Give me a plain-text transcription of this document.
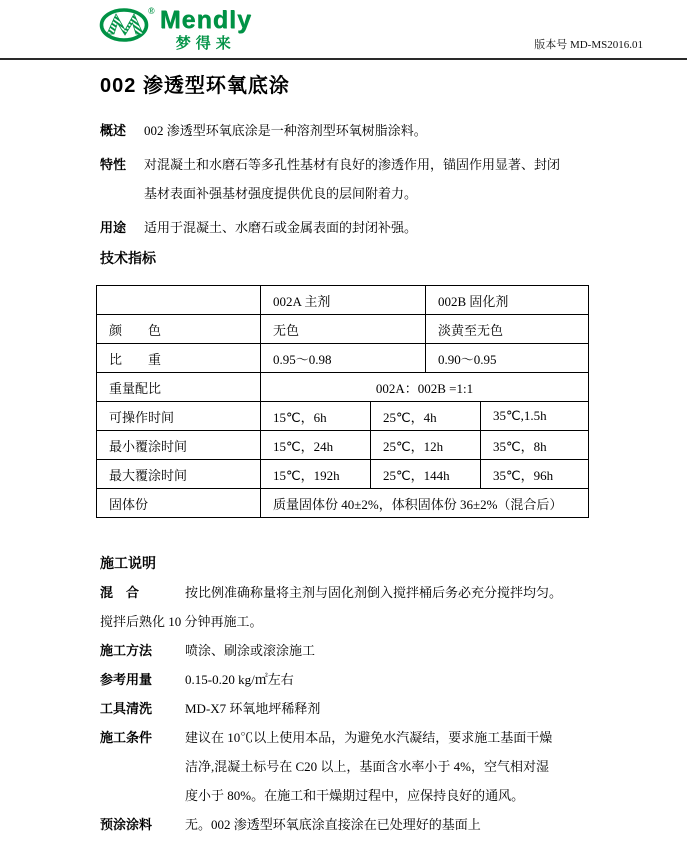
® Mendly
梦得来	版本号 MD-MS2016.01
002 渗透型环氧底涂
概述	002 渗透型环氧底涂是一种溶剂型环氧树脂涂料。
特性	对混凝土和水磨石等多孔性基材有良好的渗透作用，锚固作用显著、封闭基材表面补强基材强度提供优良的层间附着力。
用途	适用于混凝土、水磨石或金属表面的封闭补强。
技术指标
	002A 主剂		002B 固化剂	
颜　　色	无色		淡黄至无色	
比　　重	0.95～0.98		0.90～0.95	
重量配比	002A：002B =1:1			
可操作时间	15℃，6h	25℃，4h		35℃,1.5h
最小覆涂时间	15℃，24h	25℃，12h		35℃，8h
最大覆涂时间	15℃，192h	25℃，144h		35℃，96h
固体份	质量固体份 40±2%，体积固体份 36±2%（混合后）			
施工说明
混　合	按比例准确称量将主剂与固化剂倒入搅拌桶后务必充分搅拌均匀。
搅拌后熟化 10 分钟再施工。
施工方法	喷涂、刷涂或滚涂施工
参考用量	0.15-0.20 kg/㎡左右
工具清洗	MD-X7 环氧地坪稀释剂
施工条件	建议在 10℃以上使用本品，为避免水汽凝结，要求施工基面干燥洁净,混凝土标号在 C20 以上，基面含水率小于 4%，空气相对湿度小于 80%。在施工和干燥期过程中，应保持良好的通风。
预涂涂料	无。002 渗透型环氧底涂直接涂在已处理好的基面上
